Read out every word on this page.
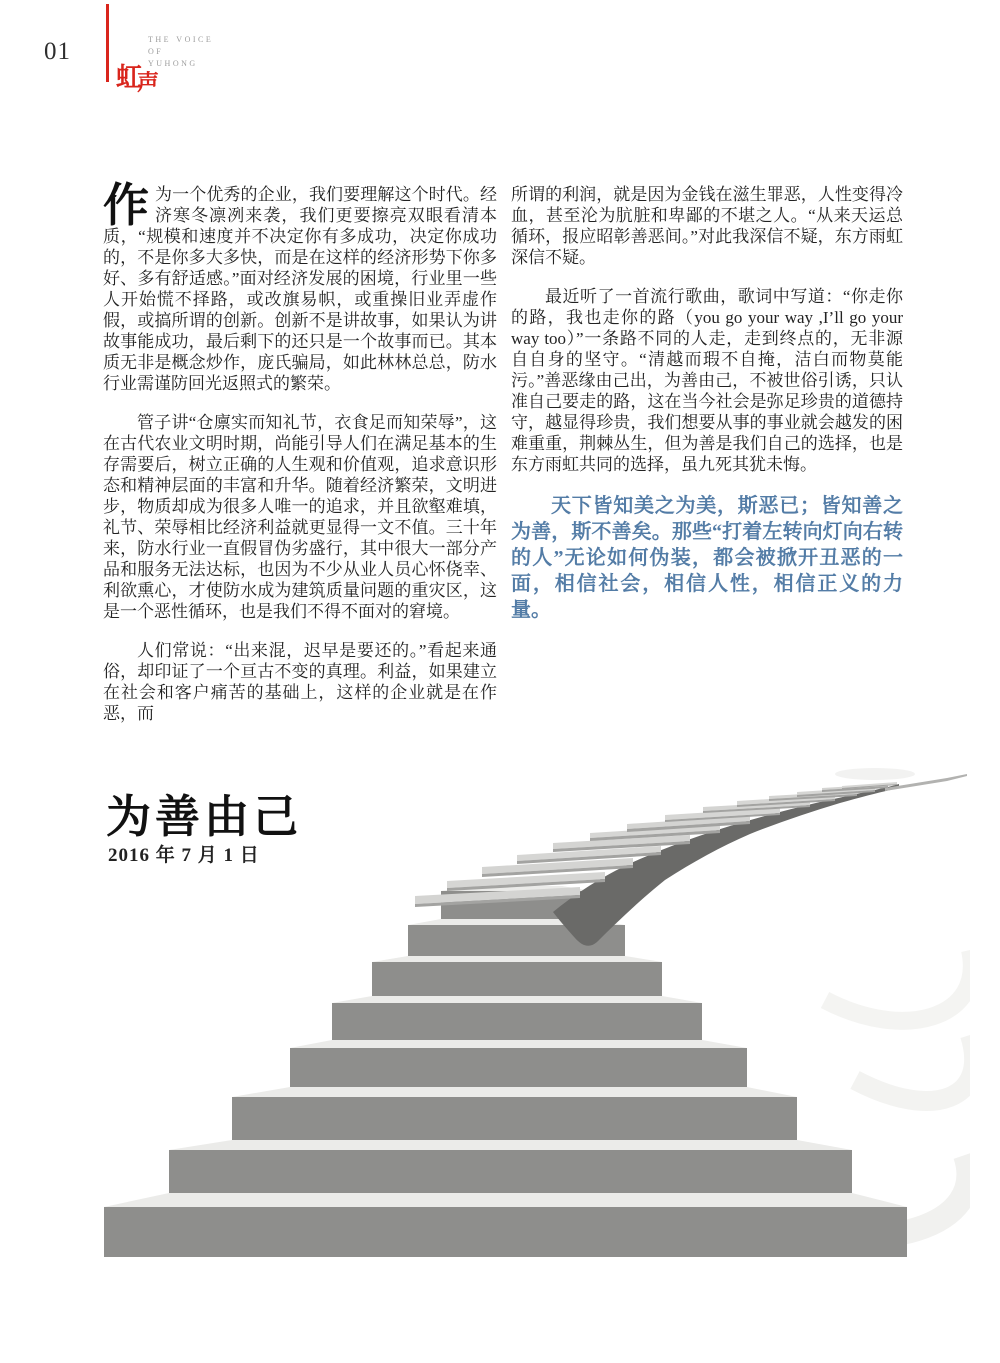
01	the voice
of
yuhong
虹
声

作为一个优秀的企业，我们要理解这个时代。经济寒冬凛冽来袭，我们更要擦亮双眼看清本质，“规模和速度并不决定你有多成功，决定你成功的，不是你多大多快，而是在这样的经济形势下你多好、多有舒适感。”面对经济发展的困境，行业里一些人开始慌不择路，或改旗易帜，或重操旧业弄虚作假，或搞所谓的创新。创新不是讲故事，如果认为讲故事能成功，最后剩下的还只是一个故事而已。其本质无非是概念炒作，庞氏骗局，如此林林总总，防水行业需谨防回光返照式的繁荣。

管子讲“仓廪实而知礼节，衣食足而知荣辱”，这在古代农业文明时期，尚能引导人们在满足基本的生存需要后，树立正确的人生观和价值观，追求意识形态和精神层面的丰富和升华。随着经济繁荣，文明进步，物质却成为很多人唯一的追求，并且欲壑难填，礼节、荣辱相比经济利益就更显得一文不值。三十年来，防水行业一直假冒伪劣盛行，其中很大一部分产品和服务无法达标，也因为不少从业人员心怀侥幸、利欲熏心，才使防水成为建筑质量问题的重灾区，这是一个恶性循环，也是我们不得不面对的窘境。

人们常说：“出来混，迟早是要还的。”看起来通俗，却印证了一个亘古不变的真理。利益，如果建立在社会和客户痛苦的基础上，这样的企业就是在作恶，而

所谓的利润，就是因为金钱在滋生罪恶，人性变得冷血，甚至沦为肮脏和卑鄙的不堪之人。“从来天运总循环，报应昭彰善恶间。”对此我深信不疑，东方雨虹深信不疑。

最近听了一首流行歌曲，歌词中写道：“你走你的路，我也走你的路（you go your way ,I’ll go your way too）”一条路不同的人走，走到终点的，无非源自自身的坚守。“清越而瑕不自掩，洁白而物莫能污。”善恶缘由己出，为善由己，不被世俗引诱，只认准自己要走的路，这在当今社会是弥足珍贵的道德持守，越显得珍贵，我们想要从事的事业就会越发的困难重重，荆棘丛生，但为善是我们自己的选择，也是东方雨虹共同的选择，虽九死其犹未悔。

天下皆知美之为美，斯恶已；皆知善之为善，斯不善矣。那些“打着左转向灯向右转的人”无论如何伪装，都会被掀开丑恶的一面，相信社会，相信人性，相信正义的力量。

为善由己
2016 年 7 月 1 日
